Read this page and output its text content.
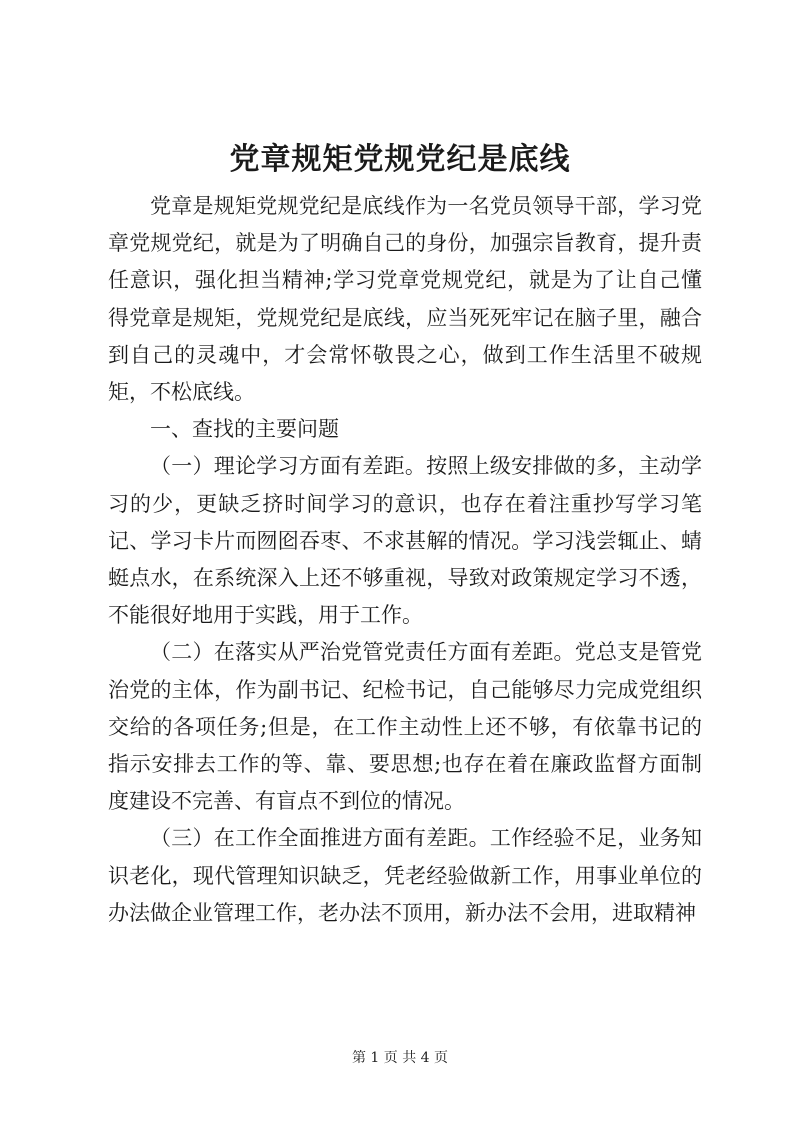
党章规矩党规党纪是底线

党章是规矩党规党纪是底线作为一名党员领导干部，学习党章党规党纪，就是为了明确自己的身份，加强宗旨教育，提升责任意识，强化担当精神;学习党章党规党纪，就是为了让自己懂得党章是规矩，党规党纪是底线，应当死死牢记在脑子里，融合到自己的灵魂中，才会常怀敬畏之心，做到工作生活里不破规矩，不松底线。

一、查找的主要问题

（一）理论学习方面有差距。按照上级安排做的多，主动学习的少，更缺乏挤时间学习的意识，也存在着注重抄写学习笔记、学习卡片而囫囵吞枣、不求甚解的情况。学习浅尝辄止、蜻蜓点水，在系统深入上还不够重视，导致对政策规定学习不透，不能很好地用于实践，用于工作。

（二）在落实从严治党管党责任方面有差距。党总支是管党治党的主体，作为副书记、纪检书记，自己能够尽力完成党组织交给的各项任务;但是，在工作主动性上还不够，有依靠书记的指示安排去工作的等、靠、要思想;也存在着在廉政监督方面制度建设不完善、有盲点不到位的情况。

（三）在工作全面推进方面有差距。工作经验不足，业务知识老化，现代管理知识缺乏，凭老经验做新工作，用事业单位的办法做企业管理工作，老办法不顶用，新办法不会用，进取精神

第 1 页 共 4 页
